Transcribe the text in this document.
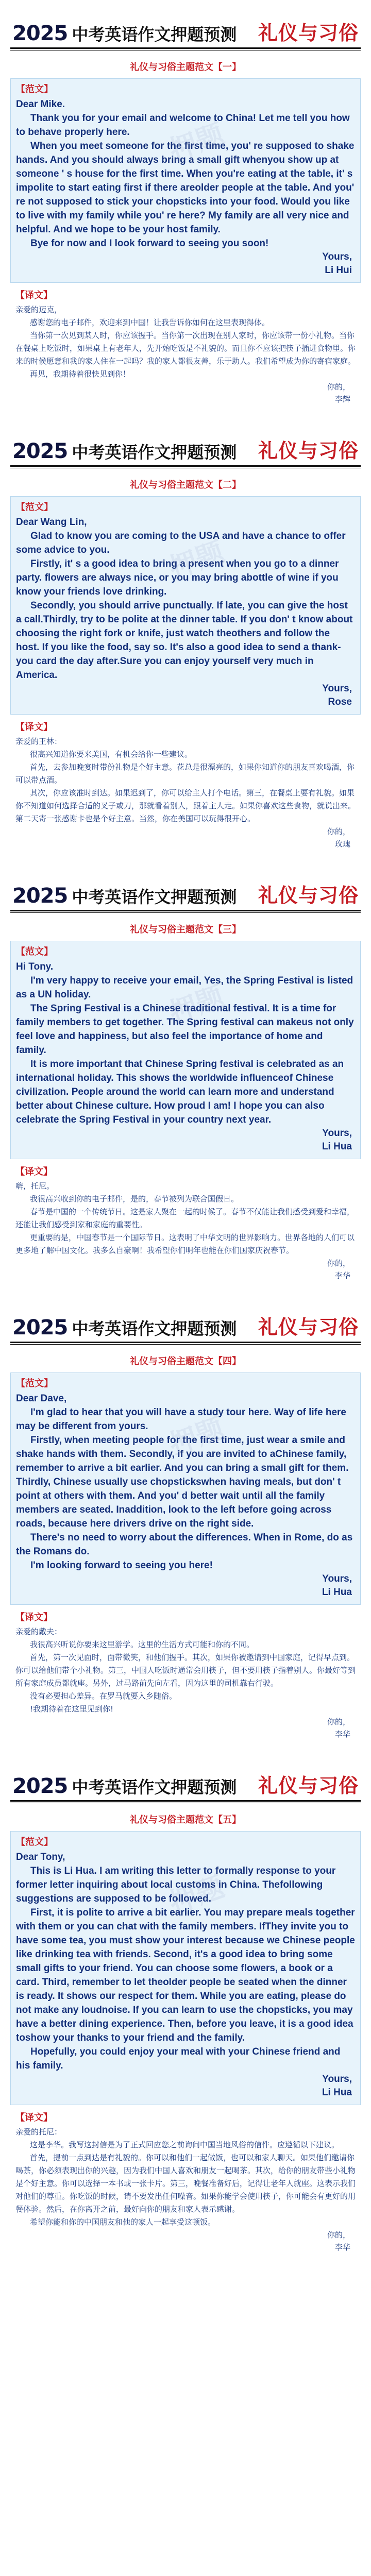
2025 中考英语作文押题预测 礼仪与习俗
礼仪与习俗主题范文【一】
【范文】
Dear Mike.
Thank you for your email and welcome to China! Let me tell you how to behave properly here.
When you meet someone for the first time, you' re supposed to shake hands. And you should always bring a small gift whenyou show up at someone ' s house for the first time. When you're eating at the table, it' s impolite to start eating first if there areolder people at the table. And you' re not supposed to stick your chopsticks into your food. Would you like to live with my family while you' re here? My family are all very nice and helpful. And we hope to be your host family.
Bye for now and I look forward to seeing you soon!
Yours,
Li Hui
【译文】
亲爱的迈克，
感谢您的电子邮件，欢迎来到中国！让我告诉你如何在这里表现得体。
当你第一次见到某人时，你应该握手。当你第一次出现在别人家时，你应该带一份小礼物。当你在餐桌上吃饭时，如果桌上有老年人，先开始吃饭是不礼貌的。而且你不应该把筷子插进食物里。你来的时候愿意和我的家人住在一起吗？我的家人都很友善，乐于助人。我们希望成为你的寄宿家庭。
再见，我期待着很快见到你！
你的，
李辉
2025 中考英语作文押题预测 礼仪与习俗
礼仪与习俗主题范文【二】
【范文】
Dear Wang Lin,
Glad to know you are coming to the USA and have a chance to offer some advice to you.
Firstly, it' s a good idea to bring a present when you go to a dinner party. flowers are always nice, or you may bring abottle of wine if you know your friends love drinking.
Secondly, you should arrive punctually. If late, you can give the host a call.Thirdly, try to be polite at the dinner table. If you don' t know about choosing the right fork or knife, just watch theothers and follow the host. If you like the food, say so. It's also a good idea to send a thank-you card the day after.Sure you can enjoy yourself very much in America.
Yours,
Rose
【译文】
亲爱的王林：
很高兴知道你要来美国，有机会给你一些建议。
首先，去参加晚宴时带份礼物是个好主意。花总是很漂亮的，如果你知道你的朋友喜欢喝酒，你可以带点酒。
其次，你应该准时到达。如果迟到了，你可以给主人打个电话。第三，在餐桌上要有礼貌。如果你不知道如何选择合适的叉子或刀，那就看着别人，跟着主人走。如果你喜欢这些食物，就说出来。第二天寄一张感谢卡也是个好主意。当然，你在美国可以玩得很开心。
你的，
玫瑰
2025 中考英语作文押题预测 礼仪与习俗
礼仪与习俗主题范文【三】
【范文】
Hi Tony.
I'm very happy to receive your email, Yes, the Spring Festival is listed as a UN holiday.
The Spring Festival is a Chinese traditional festival. It is a time for family members to get together. The Spring festival can makeus not only feel love and happiness, but also feel the importance of home and family.
It is more important that Chinese Spring festival is celebrated as an international holiday. This shows the worldwide influenceof Chinese civilization. People around the world can learn more and understand better about Chinese culture. How proud I am! I hope you can also celebrate the Spring Festival in your country next year.
Yours,
Li Hua
【译文】
嗨，托尼。
我很高兴收到你的电子邮件，是的，春节被列为联合国假日。
春节是中国的一个传统节日。这是家人聚在一起的时候了。春节不仅能让我们感受到爱和幸福，还能让我们感受到家和家庭的重要性。
更重要的是，中国春节是一个国际节日。这表明了中华文明的世界影响力。世界各地的人们可以更多地了解中国文化。我多么自豪啊！我希望你们明年也能在你们国家庆祝春节。
你的，
李华
2025 中考英语作文押题预测 礼仪与习俗
礼仪与习俗主题范文【四】
【范文】
Dear Dave,
I'm glad to hear that you will have a study tour here. Way of life here may be different from yours.
Firstly, when meeting people for the first time, just wear a smile and shake hands with them. Secondly, if you are invited to aChinese family, remember to arrive a bit earlier. And you can bring a small gift for them. Thirdly, Chinese usually use chopstickswhen having meals, but don' t point at others with them. And you' d better wait until all the family members are seated. Inaddition, look to the left before going across roads, because here drivers drive on the right side.
There's no need to worry about the differences. When in Rome, do as the Romans do.
I'm looking forward to seeing you here!
Yours,
Li Hua
【译文】
亲爱的戴夫：
我很高兴听说你要来这里游学。这里的生活方式可能和你的不同。
首先，第一次见面时，面带微笑，和他们握手。其次，如果你被邀请到中国家庭，记得早点到。你可以给他们带个小礼物。第三，中国人吃饭时通常会用筷子，但不要用筷子指着别人。你最好等到所有家庭成员都就座。另外，过马路前先向左看，因为这里的司机靠右行驶。
没有必要担心差异。在罗马就要入乡随俗。
!我期待着在这里见到你!
你的，
李华
2025 中考英语作文押题预测 礼仪与习俗
礼仪与习俗主题范文【五】
【范文】
Dear Tony,
This is Li Hua. I am writing this letter to formally response to your former letter inquiring about local customs in China. Thefollowing suggestions are supposed to be followed.
First, it is polite to arrive a bit earlier. You may prepare meals together with them or you can chat with the family members. IfThey invite you to have some tea, you must show your interest because we Chinese people like drinking tea with friends. Second, it's a good idea to bring some small gifts to your friend. You can choose some flowers, a book or a card. Third, remember to let theolder people be seated when the dinner is ready. It shows our respect for them. While you are eating, please do not make any loudnoise. If you can learn to use the chopsticks, you may have a better dining experience. Then, before you leave, it is a good idea toshow your thanks to your friend and the family.
Hopefully, you could enjoy your meal with your Chinese friend and his family.
Yours,
Li Hua
【译文】
亲爱的托尼：
这是李华。我写这封信是为了正式回应您之前询问中国当地风俗的信件。应遵循以下建议。
首先，提前一点到达是有礼貌的。你可以和他们一起做饭，也可以和家人聊天。如果他们邀请你喝茶，你必须表现出你的兴趣，因为我们中国人喜欢和朋友一起喝茶。其次，给你的朋友带些小礼物是个好主意。你可以选择一本书或一张卡片。第三，晚餐准备好后，记得让老年人就座。这表示我们对他们的尊重。你吃饭的时候，请不要发出任何噪音。如果你能学会使用筷子，你可能会有更好的用餐体验。然后，在你离开之前，最好向你的朋友和家人表示感谢。
希望你能和你的中国朋友和他的家人一起享受这顿饭。
你的，
李华
